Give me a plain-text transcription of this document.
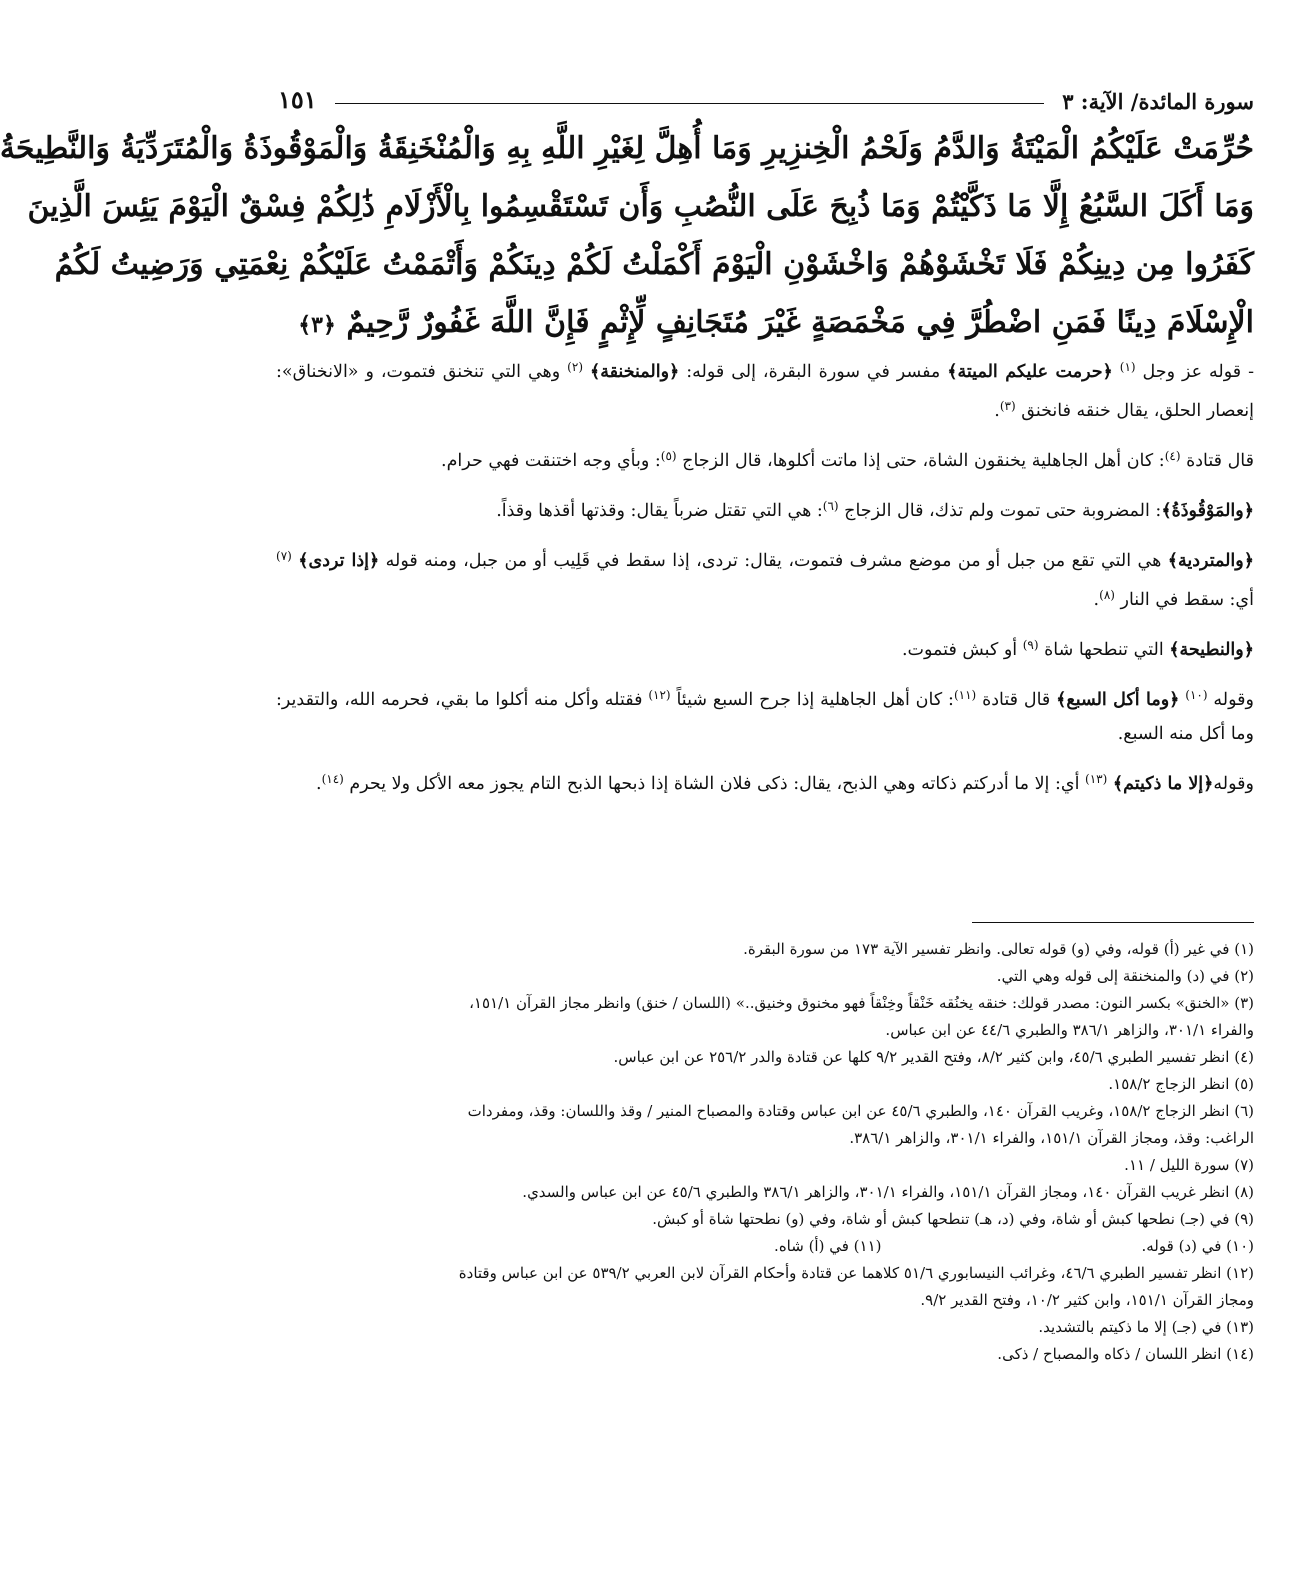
سورة المائدة/ الآية: ٣
١٥١
حُرِّمَتْ عَلَيْكُمُ الْمَيْتَةُ وَالدَّمُ وَلَحْمُ الْخِنزِيرِ وَمَا أُهِلَّ لِغَيْرِ اللَّهِ بِهِ وَالْمُنْخَنِقَةُ وَالْمَوْقُوذَةُ وَالْمُتَرَدِّيَةُ وَالنَّطِيحَةُ
وَمَا أَكَلَ السَّبُعُ إِلَّا مَا ذَكَّيْتُمْ وَمَا ذُبِحَ عَلَى النُّصُبِ وَأَن تَسْتَقْسِمُوا بِالْأَزْلَامِ ذَٰلِكُمْ فِسْقٌ الْيَوْمَ يَئِسَ الَّذِينَ
كَفَرُوا مِن دِينِكُمْ فَلَا تَخْشَوْهُمْ وَاخْشَوْنِ الْيَوْمَ أَكْمَلْتُ لَكُمْ دِينَكُمْ وَأَتْمَمْتُ عَلَيْكُمْ نِعْمَتِي وَرَضِيتُ لَكُمُ
الْإِسْلَامَ دِينًا فَمَنِ اضْطُرَّ فِي مَخْمَصَةٍ غَيْرَ مُتَجَانِفٍ لِّإِثْمٍ فَإِنَّ اللَّهَ غَفُورٌ رَّحِيمٌ ﴿٣﴾

- قوله عز وجل $^{(١)}$ ﴿حرمت عليكم الميتة﴾ مفسر في سورة البقرة، إلى قوله: ﴿والمنخنقة﴾ $^{(٢)}$ وهي التي تنخنق فتموت، و «الانخناق»: إنعصار الحلق، يقال خنقه فانخنق $^{(٣)}$.

قال قتادة $^{(٤)}$: كان أهل الجاهلية يخنقون الشاة، حتى إذا ماتت أكلوها، قال الزجاج $^{(٥)}$: وبأي وجه اختنقت فهي حرام.

﴿والمَوْقُوذَةُ﴾: المضروبة حتى تموت ولم تذك، قال الزجاج $^{(٦)}$: هي التي تقتل ضرباً يقال: وقذتها أقذها وقذاً.

﴿والمتردية﴾ هي التي تقع من جبل أو من موضع مشرف فتموت، يقال: تردى، إذا سقط في قَلِيب أو من جبل، ومنه قوله ﴿إذا تردى﴾ $^{(٧)}$ أي: سقط في النار $^{(٨)}$.

﴿والنطيحة﴾ التي تنطحها شاة $^{(٩)}$ أو كبش فتموت.

وقوله $^{(١٠)}$ ﴿وما أكل السبع﴾ قال قتادة $^{(١١)}$: كان أهل الجاهلية إذا جرح السبع شيئاً $^{(١٢)}$ فقتله وأكل منه أكلوا ما بقي، فحرمه الله، والتقدير: وما أكل منه السبع.

وقوله﴿إلا ما ذكيتم﴾ $^{(١٣)}$ أي: إلا ما أدركتم ذكاته وهي الذبح، يقال: ذكى فلان الشاة إذا ذبحها الذبح التام يجوز معه الأكل ولا يحرم $^{(١٤)}$.

(١) في غير (أ) قوله، وفي (و) قوله تعالى. وانظر تفسير الآية ١٧٣ من سورة البقرة.
(٢) في (د) والمنخنقة إلى قوله وهي التي.
(٣) «الخنق» بكسر النون: مصدر قولك: خنقه يخنُقه خَنْقاً وخِنْقاً فهو مخنوق وخنيق..» (اللسان / خنق) وانظر مجاز القرآن ١٥١/١،
والفراء ٣٠١/١، والزاهر ٣٨٦/١ والطبري ٤٤/٦ عن ابن عباس.
(٤) انظر تفسير الطبري ٤٥/٦، وابن كثير ٨/٢، وفتح القدير ٩/٢ كلها عن قتادة والدر ٢٥٦/٢ عن ابن عباس.
(٥) انظر الزجاج ١٥٨/٢.
(٦) انظر الزجاج ١٥٨/٢، وغريب القرآن ١٤٠، والطبري ٤٥/٦ عن ابن عباس وقتادة والمصباح المنير / وقذ واللسان: وقذ، ومفردات
الراغب: وقذ، ومجاز القرآن ١٥١/١، والفراء ٣٠١/١، والزاهر ٣٨٦/١.
(٧) سورة الليل / ١١.
(٨) انظر غريب القرآن ١٤٠، ومجاز القرآن ١٥١/١، والفراء ٣٠١/١، والزاهر ٣٨٦/١ والطبري ٤٥/٦ عن ابن عباس والسدي.
(٩) في (جـ) نطحها كبش أو شاة، وفي (د، هـ) تنطحها كبش أو شاة، وفي (و) نطحتها شاة أو كبش.
(١٠) في (د) قوله.
(١١) في (أ) شاه.
(١٢) انظر تفسير الطبري ٤٦/٦، وغرائب النيسابوري ٥١/٦ كلاهما عن قتادة وأحكام القرآن لابن العربي ٥٣٩/٢ عن ابن عباس وقتادة
ومجاز القرآن ١٥١/١، وابن كثير ١٠/٢، وفتح القدير ٩/٢.
(١٣) في (جـ) إلا ما ذكيتم بالتشديد.
(١٤) انظر اللسان / ذكاه والمصباح / ذكى.
